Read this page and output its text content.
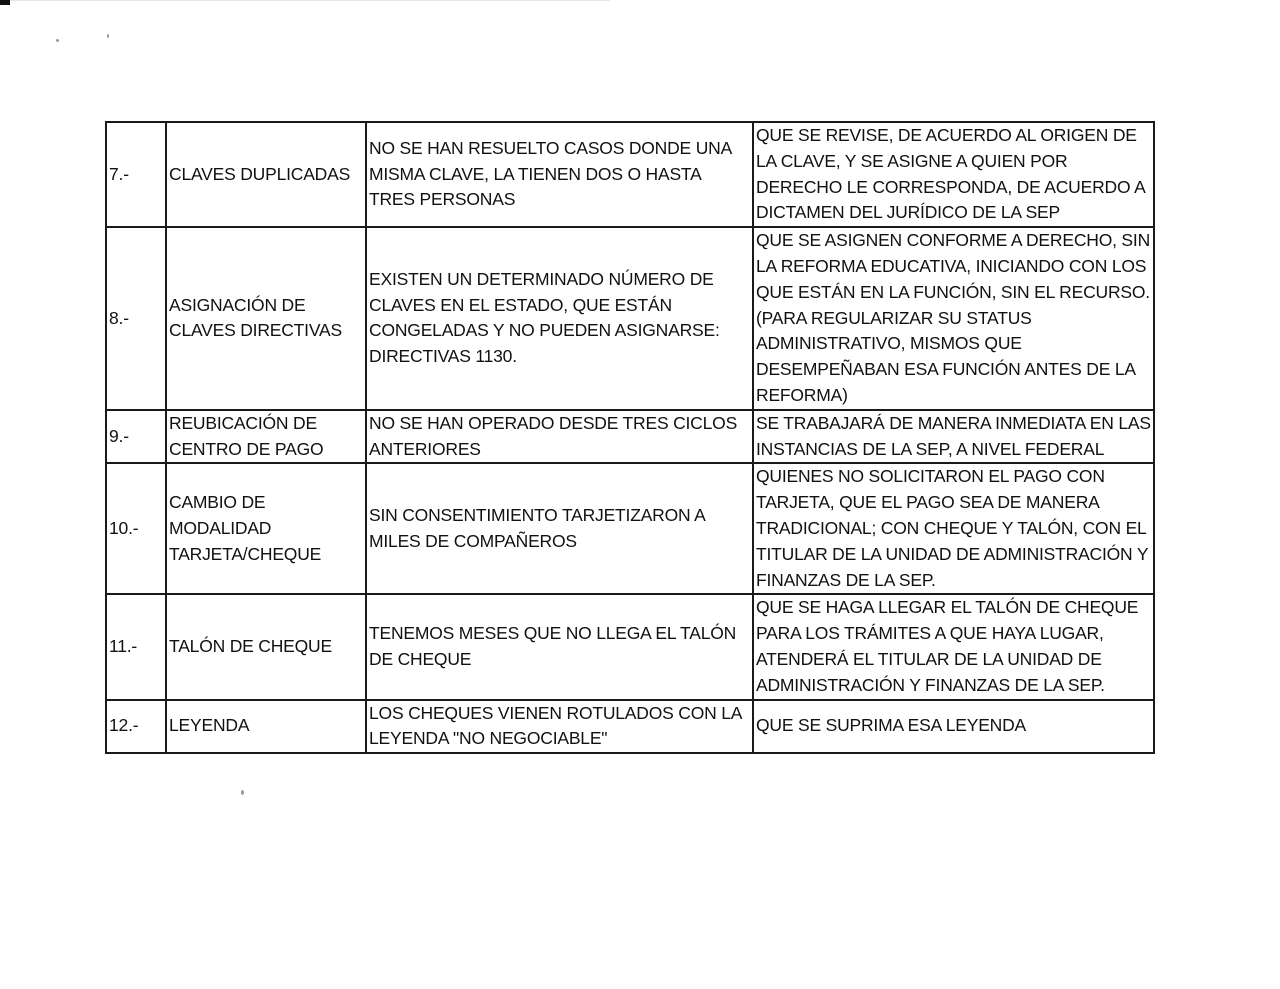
7.-	CLAVES DUPLICADAS	NO SE HAN RESUELTO CASOS DONDE UNA MISMA CLAVE, LA TIENEN DOS O HASTA TRES PERSONAS	QUE SE REVISE, DE ACUERDO AL ORIGEN DE LA CLAVE, Y SE ASIGNE A QUIEN POR DERECHO LE CORRESPONDA, DE ACUERDO A DICTAMEN DEL JURÍDICO DE LA SEP
8.-	ASIGNACIÓN DE CLAVES DIRECTIVAS	EXISTEN UN DETERMINADO NÚMERO DE CLAVES EN EL ESTADO, QUE ESTÁN CONGELADAS Y NO PUEDEN ASIGNARSE: DIRECTIVAS 1130.	QUE SE ASIGNEN CONFORME A DERECHO, SIN LA REFORMA EDUCATIVA, INICIANDO CON LOS QUE ESTÁN EN LA FUNCIÓN, SIN EL RECURSO. (PARA REGULARIZAR SU STATUS ADMINISTRATIVO, MISMOS QUE DESEMPEÑABAN ESA FUNCIÓN ANTES DE LA REFORMA)
9.-	REUBICACIÓN DE CENTRO DE PAGO	NO SE HAN OPERADO DESDE TRES CICLOS ANTERIORES	SE TRABAJARÁ DE MANERA INMEDIATA EN LAS INSTANCIAS DE LA SEP, A NIVEL FEDERAL
10.-	CAMBIO DE MODALIDAD TARJETA/CHEQUE	SIN CONSENTIMIENTO TARJETIZARON A MILES DE COMPAÑEROS	QUIENES NO SOLICITARON EL PAGO CON TARJETA, QUE EL PAGO SEA DE MANERA TRADICIONAL; CON CHEQUE Y TALÓN, CON EL TITULAR DE LA UNIDAD DE ADMINISTRACIÓN Y FINANZAS DE LA SEP.
11.-	TALÓN DE CHEQUE	TENEMOS MESES QUE NO LLEGA EL TALÓN DE CHEQUE	QUE SE HAGA LLEGAR EL TALÓN DE CHEQUE PARA LOS TRÁMITES A QUE HAYA LUGAR, ATENDERÁ EL TITULAR DE LA UNIDAD DE ADMINISTRACIÓN Y FINANZAS DE LA SEP.
12.-	LEYENDA	LOS CHEQUES VIENEN ROTULADOS CON LA LEYENDA "NO NEGOCIABLE"	QUE SE SUPRIMA ESA LEYENDA
